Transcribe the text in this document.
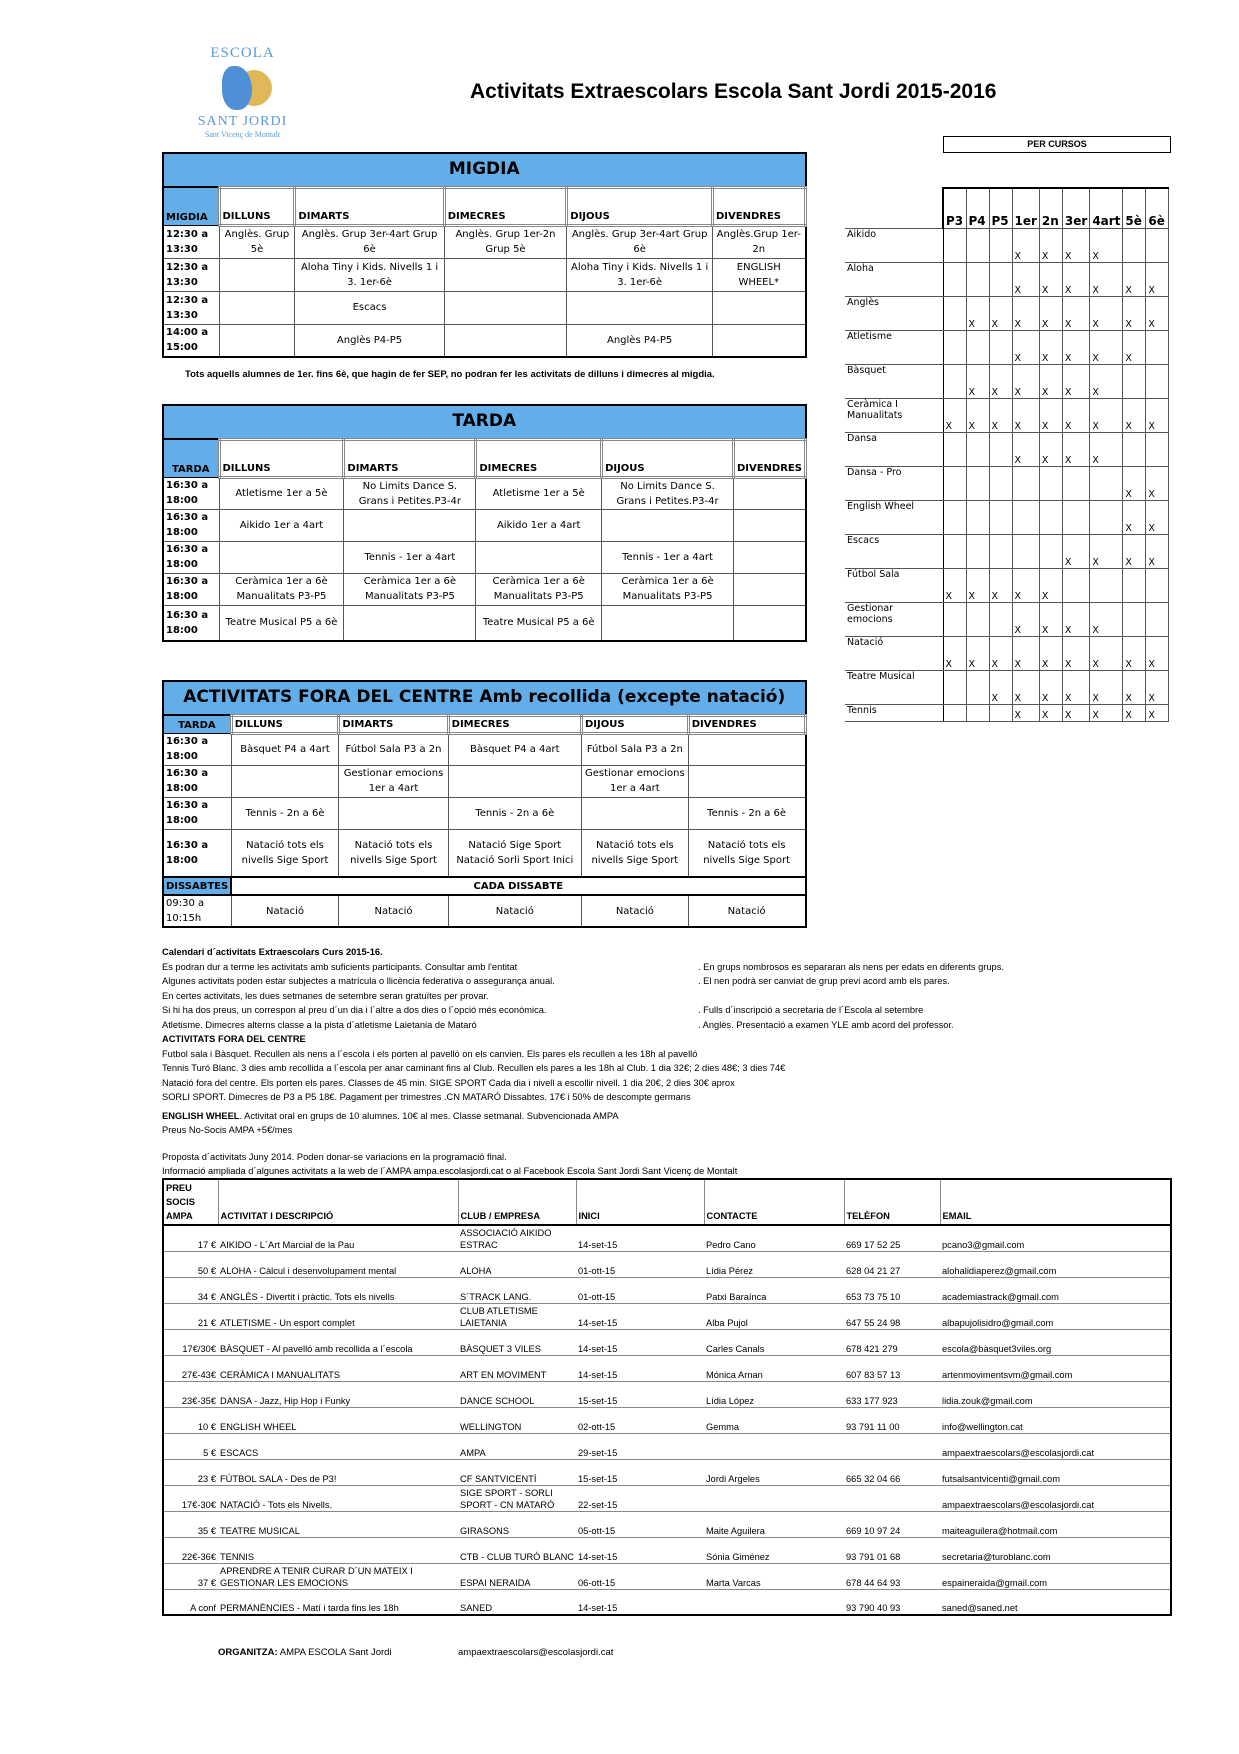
ESCOLA
SANT JORDI
Sant Vicenç de Montalt
Activitats Extraescolars Escola Sant Jordi 2015-2016
MIGDIA					
MIGDIA	DILLUNS	DIMARTS	DIMECRES	DIJOUS	DIVENDRES
12:30 a 13:30	Anglès. Grup 5è	Anglès. Grup 3er-4art Grup 6è	Anglès. Grup 1er-2n Grup 5è	Anglès. Grup 3er-4art Grup 6è	Anglès.Grup 1er-2n
12:30 a 13:30		Aloha Tiny i Kids. Nivells 1 i 3. 1er-6è		Aloha Tiny i Kids. Nivells 1 i 3. 1er-6è	ENGLISH WHEEL*
12:30 a 13:30		Escacs			
14:00 a 15:00		Anglès P4-P5		Anglès P4-P5	
Tots aquells alumnes de 1er. fins 6è, que hagin de fer SEP, no podran fer les activitats de dilluns i dimecres al migdia.
TARDA					
TARDA	DILLUNS	DIMARTS	DIMECRES	DIJOUS	DIVENDRES
16:30 a 18:00	Atletisme 1er a 5è	No Limits Dance S. Grans i Petites.P3-4r	Atletisme 1er a 5è	No Limits Dance S. Grans i Petites.P3-4r	
16:30 a 18:00	Aikido 1er a 4art		Aikido 1er a 4art		
16:30 a 18:00		Tennis - 1er a 4art		Tennis - 1er a 4art	
16:30 a 18:00	Ceràmica 1er a 6è Manualitats P3-P5	Ceràmica 1er a 6è Manualitats P3-P5	Ceràmica 1er a 6è Manualitats P3-P5	Ceràmica 1er a 6è Manualitats P3-P5	
16:30 a 18:00	Teatre Musical P5 a 6è		Teatre Musical P5 a 6è		
ACTIVITATS FORA DEL CENTRE Amb recollida (excepte natació)					
TARDA	DILLUNS	DIMARTS	DIMECRES	DIJOUS	DIVENDRES
16:30 a 18:00	Bàsquet P4 a 4art	Fútbol Sala P3 a 2n	Bàsquet P4 a 4art	Fútbol Sala P3 a 2n	
16:30 a 18:00		Gestionar emocions 1er a 4art		Gestionar emocions 1er a 4art	
16:30 a 18:00	Tennis - 2n a 6è		Tennis - 2n a 6è		Tennis - 2n a 6è
16:30 a 18:00	Natació tots els nivells Sige Sport	Natació tots els nivells Sige Sport	Natació Sige Sport Natació Sorli Sport Inici	Natació tots els nivells Sige Sport	Natació tots els nivells Sige Sport
DISSABTES	CADA DISSABTE				
09:30 a 10:15h	Natació	Natació	Natació	Natació	Natació
PER CURSOS
	P3	P4	P5	1er	2n	3er	4art	5è	6è
Aikido				X	X	X	X		
Aloha				X	X	X	X	X	X
Anglès		X	X	X	X	X	X	X	X
Atletisme				X	X	X	X	X	
Bàsquet		X	X	X	X	X	X		
Ceràmica I Manualitats	X	X	X	X	X	X	X	X	X
Dansa				X	X	X	X		
Dansa - Pro								X	X
English Wheel								X	X
Escacs						X	X	X	X
Fútbol Sala	X	X	X	X	X				
Gestionar emocions				X	X	X	X		
Natació	X	X	X	X	X	X	X	X	X
Teatre Musical			X	X	X	X	X	X	X
Tennis				X	X	X	X	X	X
Calendari d´activitats Extraescolars Curs 2015-16.
Es podran dur a terme les activitats amb suficients participants. Consultar amb l'entitat	. En grups nombrosos es separaran als nens per edats en diferents grups.
Algunes activitats poden estar subjectes a matrícula o llicència federativa o assegurança anual.	. El nen podrà ser canviat de grup previ acord amb els pares.
En certes activitats, les dues setmanes de setembre seran gratuïtes per provar.
Si hi ha dos preus, un correspon al preu d´un dia i l´altre a dos dies o l´opció més econòmica.	. Fulls d´inscripció a secretaria de l´Escola al setembre
Atletisme. Dimecres alterns classe a la pista d´atletisme Laietania de Mataró	. Anglès. Presentació a examen YLE amb acord del professor.
ACTIVITATS FORA DEL CENTRE
Futbol sala i Bàsquet. Recullen als nens a l´escola i els porten al pavelló on els canvien. Els pares els recullen a les 18h al pavelló
Tennis Turó Blanc. 3 dies amb recollida a l´escola per anar caminant fins al Club. Recullen els pares a les 18h al Club. 1 dia 32€; 2 dies 48€; 3 dies 74€
Natació fora del centre. Els porten els pares. Classes de 45 min. SIGE SPORT Cada dia i nivell a escollir nivell. 1 dia 20€, 2 dies 30€ aprox
SORLI SPORT. Dimecres de P3 a P5 18€. Pagament per trimestres .CN MATARÓ Dissabtes. 17€ i 50% de descompte germans
ENGLISH WHEEL. Activitat oral en grups de 10 alumnes. 10€ al mes. Classe setmanal. Subvencionada AMPA
Preus No-Socis AMPA +5€/mes
Proposta d´activitats Juny 2014. Poden donar-se variacions en la programació final.
Informació ampliada d´algunes activitats a la web de l´AMPA ampa.escolasjordi.cat o al Facebook Escola Sant Jordi Sant Vicenç de Montalt
PREU SOCIS AMPA	ACTIVITAT I DESCRIPCIÓ	CLUB / EMPRESA	INICI	CONTACTE	TELÈFON	EMAIL
17 €	AIKIDO - L´Art Marcial de la Pau	ASSOCIACIÓ AIKIDO ESTRAC	14-set-15	Pedro Cano	669 17 52 25	pcano3@gmail.com
50 €	ALOHA - Càlcul i desenvolupament mental	ALOHA	01-ott-15	Lídia Pérez	628 04 21 27	alohalidiaperez@gmail.com
34 €	ANGLÈS - Divertit i pràctic. Tots els nivells	S´TRACK LANG.	01-ott-15	Patxi Baraínca	653 73 75 10	academiastrack@gmail.com
21 €	ATLETISME - Un esport complet	CLUB ATLETISME LAIETANIA	14-set-15	Alba Pujol	647 55 24 98	albapujolisidro@gmail.com
17€/30€	BÀSQUET - Al pavelló amb recollida a l´escola	BÀSQUET 3 VILES	14-set-15	Carles Canals	678 421 279	escola@bàsquet3viles.org
27€-43€	CERÀMICA I MANUALITATS	ART EN MOVIMENT	14-set-15	Mónica Arnan	607 83 57 13	artenmovimentsvm@gmail.com
23€-35€	DANSA - Jazz, Hip Hop i Funky	DANCE SCHOOL	15-set-15	Lídia López	633 177 923	lidia.zouk@gmail.com
10 €	ENGLISH WHEEL	WELLINGTON	02-ott-15	Gemma	93 791 11 00	info@wellington.cat
5 €	ESCACS	AMPA	29-set-15			ampaextraescolars@escolasjordi.cat
23 €	FÚTBOL SALA - Des de P3!	CF SANTVICENTÍ	15-set-15	Jordi Argeles	665 32 04 66	futsalsantvicenti@gmail.com
17€-30€	NATACIÓ - Tots els Nivells.	SIGE SPORT - SORLI SPORT - CN MATARÓ	22-set-15			ampaextraescolars@escolasjordi.cat
35 €	TEATRE MUSICAL	GIRASONS	05-ott-15	Maite Aguilera	669 10 97 24	maiteaguilera@hotmail.com
22€-36€	TENNIS	CTB - CLUB TURÓ BLANC	14-set-15	Sónia Giménez	93 791 01 68	secretaria@turoblanc.com
37 €	APRENDRE A TENIR CURAR D´UN MATEIX I GESTIONAR LES EMOCIONS	ESPAI NERAIDA	06-ott-15	Marta Varcas	678 44 64 93	espaineraida@gmail.com
A conf	PERMANÈNCIES - Matí i tarda fins les 18h	SANED	14-set-15		93 790 40 93	saned@saned.net
ORGANITZA: AMPA ESCOLA Sant Jordi	ampaextraescolars@escolasjordi.cat
